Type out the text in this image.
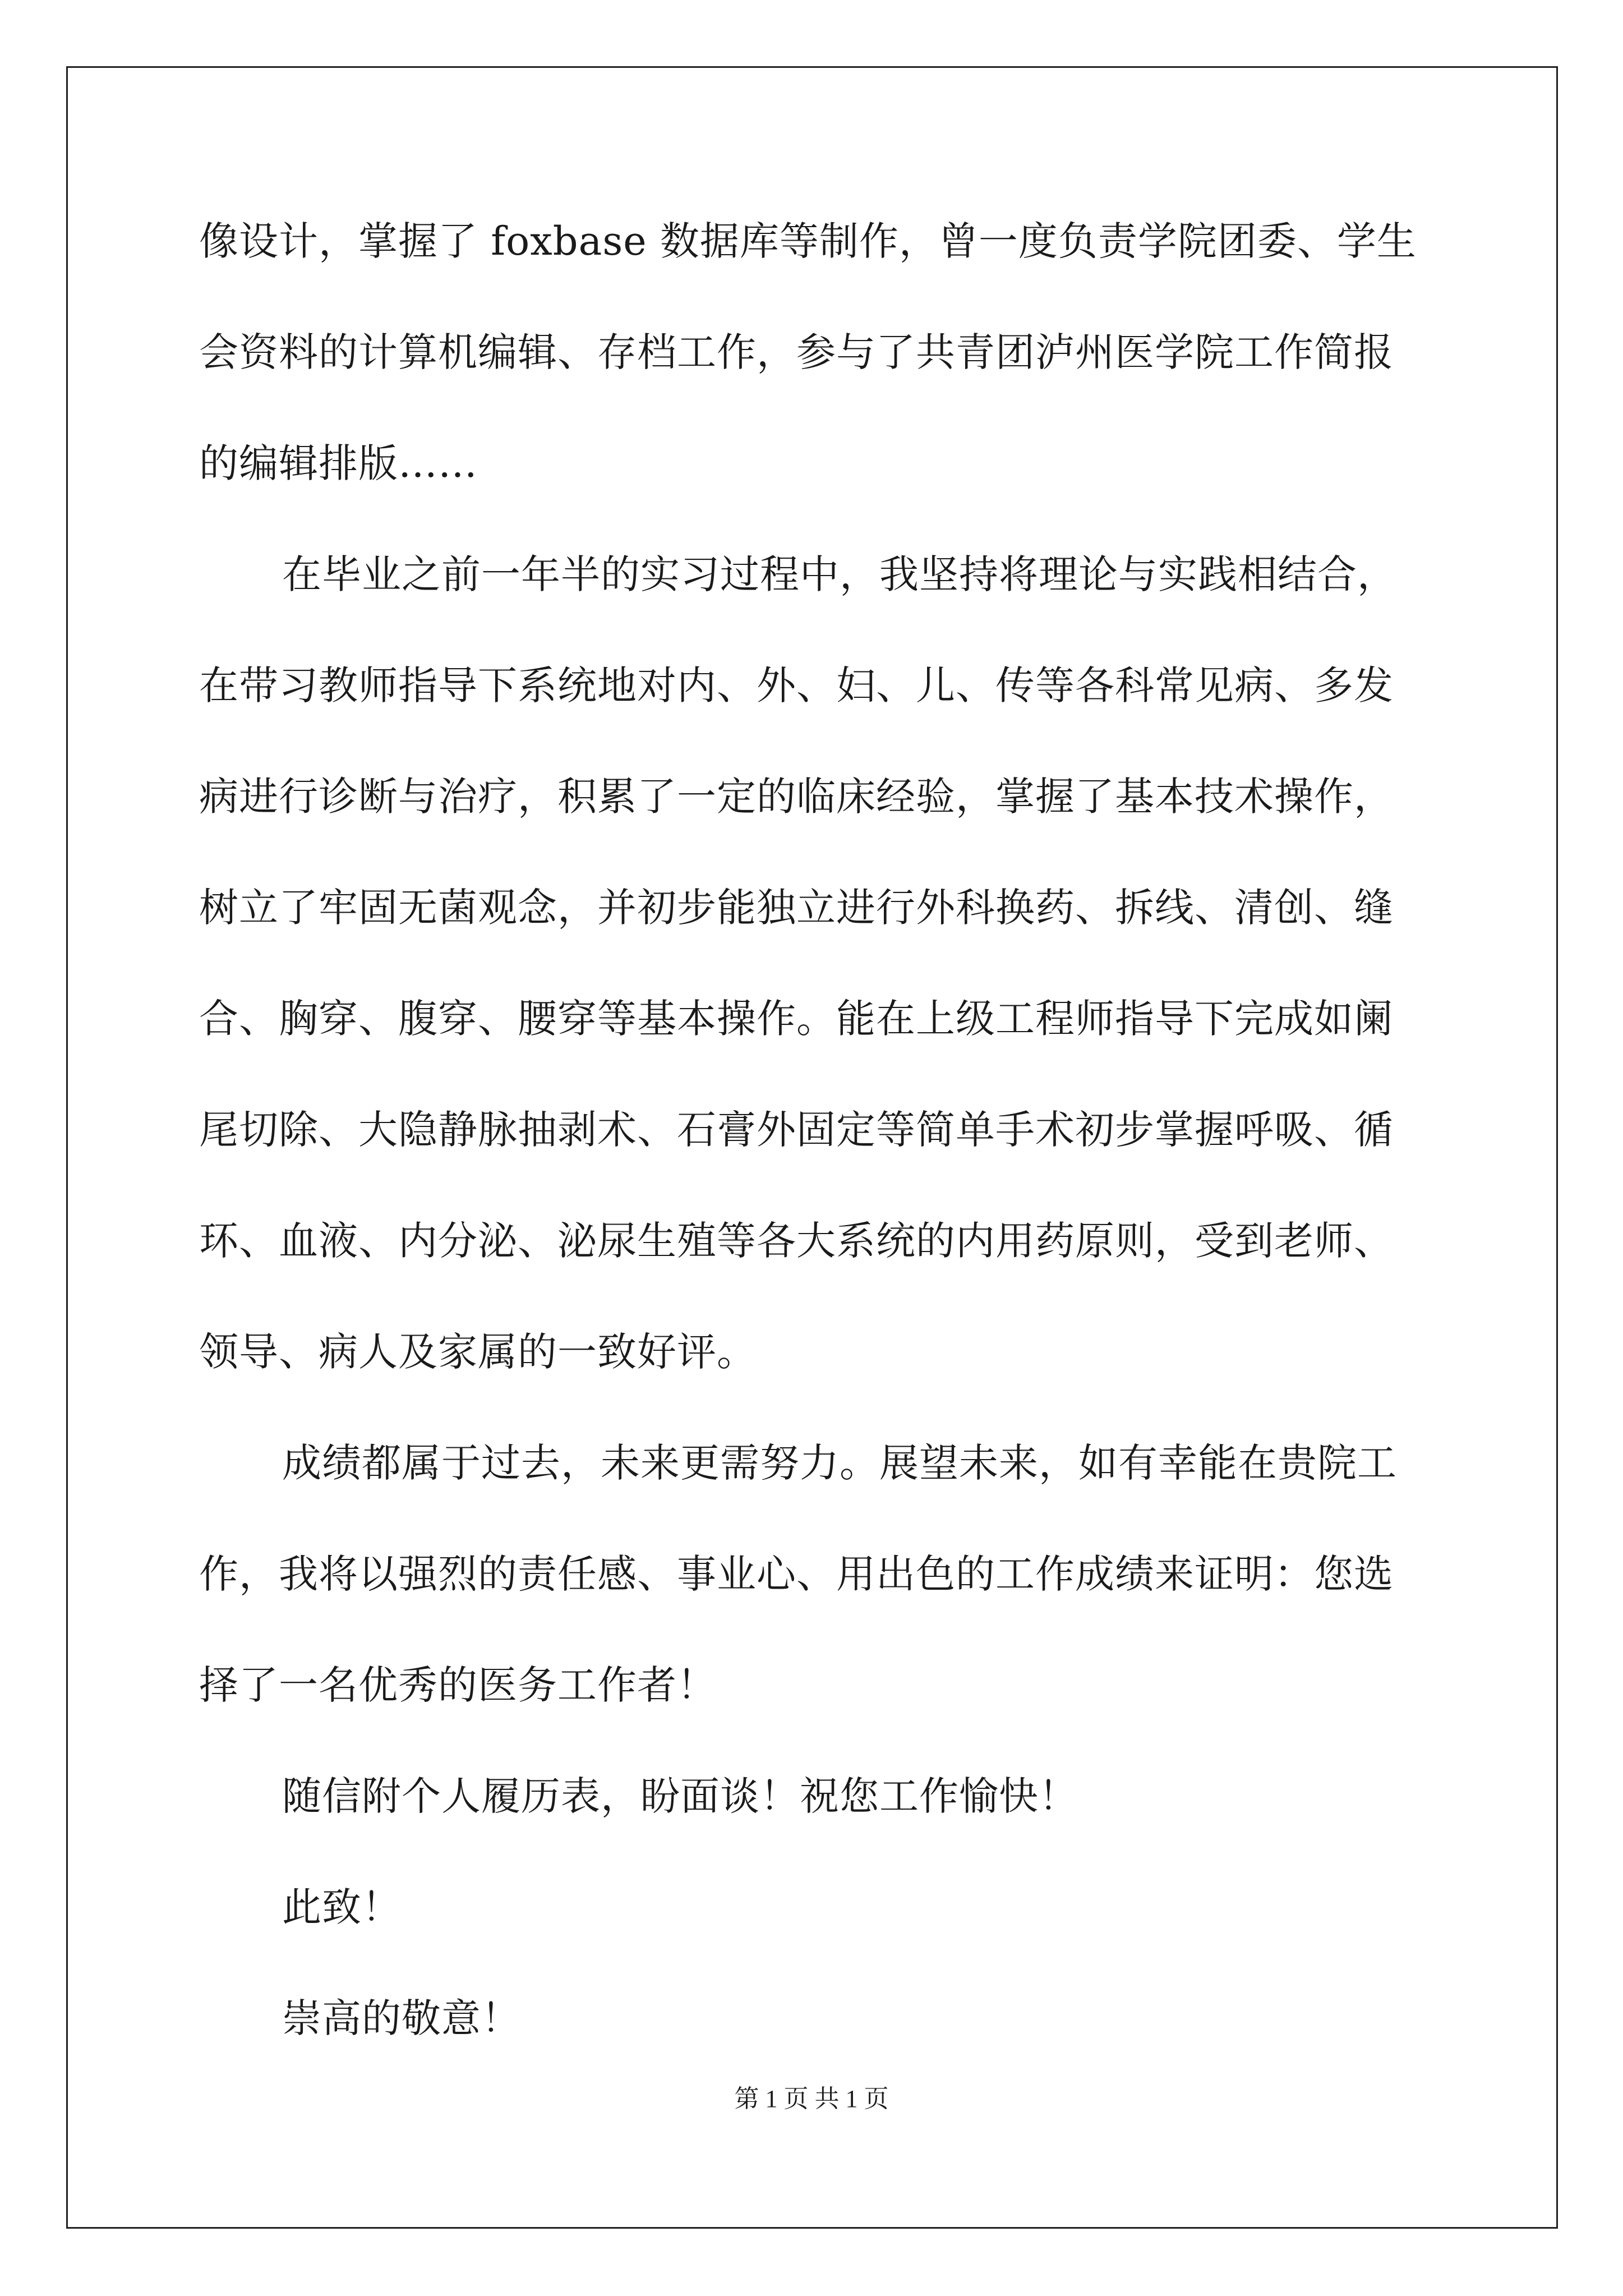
像设计，掌握了 foxbase 数据库等制作，曾一度负责学院团委、学生
会资料的计算机编辑、存档工作，参与了共青团泸州医学院工作简报
的编辑排版……
在毕业之前一年半的实习过程中，我坚持将理论与实践相结合，
在带习教师指导下系统地对内、外、妇、儿、传等各科常见病、多发
病进行诊断与治疗，积累了一定的临床经验，掌握了基本技术操作，
树立了牢固无菌观念，并初步能独立进行外科换药、拆线、清创、缝
合、胸穿、腹穿、腰穿等基本操作。能在上级工程师指导下完成如阑
尾切除、大隐静脉抽剥术、石膏外固定等简单手术初步掌握呼吸、循
环、血液、内分泌、泌尿生殖等各大系统的内用药原则，受到老师、
领导、病人及家属的一致好评。
成绩都属于过去，未来更需努力。展望未来，如有幸能在贵院工
作，我将以强烈的责任感、事业心、用出色的工作成绩来证明：您选
择了一名优秀的医务工作者！
随信附个人履历表，盼面谈！祝您工作愉快！
此致！
崇高的敬意！
第 1 页 共 1 页
